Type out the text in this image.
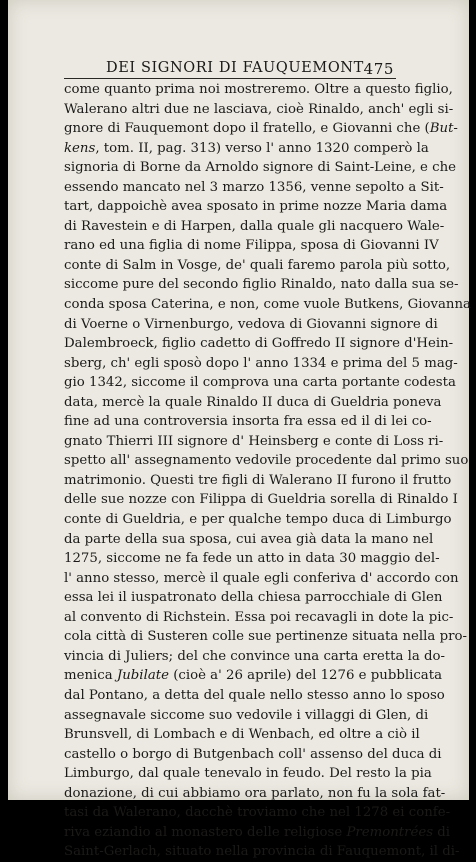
DEI SIGNORI DI FAUQUEMONT 475
come quanto prima noi mostreremo. Oltre a questo figlio,
Walerano altri due ne lasciava, cioè Rinaldo, anch' egli si-
gnore di Fauquemont dopo il fratello, e Giovanni che (But-
kens, tom. II, pag. 313) verso l' anno 1320 comperò la
signoria di Borne da Arnoldo signore di Saint-Leine, e che
essendo mancato nel 3 marzo 1356, venne sepolto a Sit-
tart, dappoichè avea sposato in prime nozze Maria dama
di Ravestein e di Harpen, dalla quale gli nacquero Wale-
rano ed una figlia di nome Filippa, sposa di Giovanni IV
conte di Salm in Vosge, de' quali faremo parola più sotto,
siccome pure del secondo figlio Rinaldo, nato dalla sua se-
conda sposa Caterina, e non, come vuole Butkens, Giovanna
di Voerne o Virnenburgo, vedova di Giovanni signore di
Dalembroeck, figlio cadetto di Goffredo II signore d'Hein-
sberg, ch' egli sposò dopo l' anno 1334 e prima del 5 mag-
gio 1342, siccome il comprova una carta portante codesta
data, mercè la quale Rinaldo II duca di Gueldria poneva
fine ad una controversia insorta fra essa ed il di lei co-
gnato Thierri III signore d' Heinsberg e conte di Loss ri-
spetto all' assegnamento vedovile procedente dal primo suo
matrimonio. Questi tre figli di Walerano II furono il frutto
delle sue nozze con Filippa di Gueldria sorella di Rinaldo I
conte di Gueldria, e per qualche tempo duca di Limburgo
da parte della sua sposa, cui avea già data la mano nel
1275, siccome ne fa fede un atto in data 30 maggio del-
l' anno stesso, mercè il quale egli conferiva d' accordo con
essa lei il iuspatronato della chiesa parrocchiale di Glen
al convento di Richstein. Essa poi recavagli in dote la pic-
cola città di Susteren colle sue pertinenze situata nella pro-
vincia di Juliers; del che convince una carta eretta la do-
menica Jubilate (cioè a' 26 aprile) del 1276 e pubblicata
dal Pontano, a detta del quale nello stesso anno lo sposo
assegnavale siccome suo vedovile i villaggi di Glen, di
Brunsvell, di Lombach e di Wenbach, ed oltre a ciò il
castello o borgo di Butgenbach coll' assenso del duca di
Limburgo, dal quale tenevalo in feudo. Del resto la pia
donazione, di cui abbiamo ora parlato, non fu la sola fat-
tasi da Walerano, dacchè troviamo che nel 1278 ei confe-
riva eziandio al monastero delle religiose Premontrées di
Saint-Gerlach, situato nella provincia di Fauquemont, il di-
